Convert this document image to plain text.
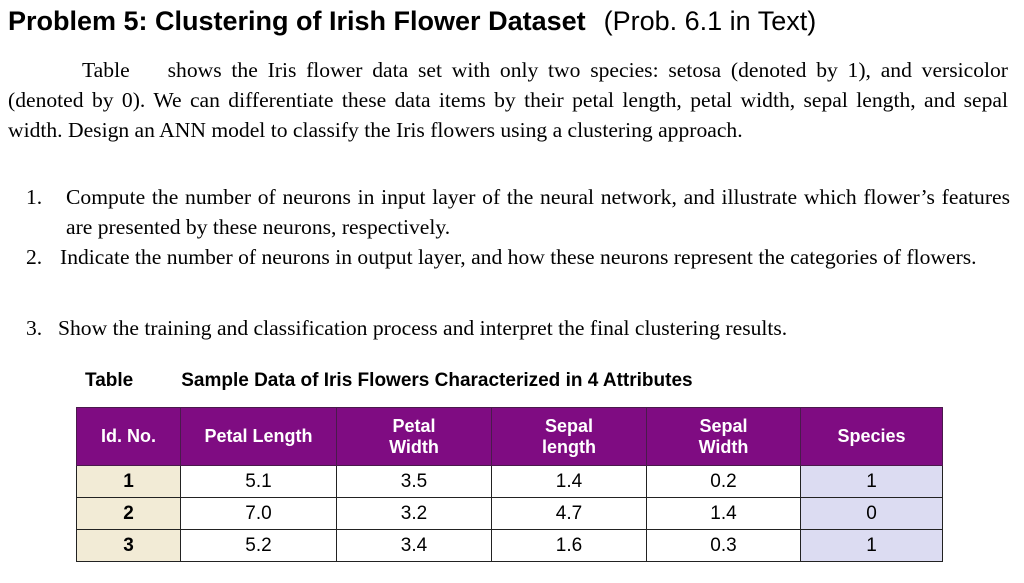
Problem 5: Clustering of Irish Flower Dataset (Prob. 6.1 in Text)
Table shows the Iris flower data set with only two species: setosa (denoted by 1), and versicolor (denoted by 0). We can differentiate these data items by their petal length, petal width, sepal length, and sepal width. Design an ANN model to classify the Iris flowers using a clustering approach.
1. Compute the number of neurons in input layer of the neural network, and illustrate which flower’s features are presented by these neurons, respectively.
2. Indicate the number of neurons in output layer, and how these neurons represent the categories of flowers.
3. Show the training and classification process and interpret the final clustering results.
Table	Sample Data of Iris Flowers Characterized in 4 Attributes
Id. No.	Petal Length	Petal Width	Sepal length	Sepal Width	Species
1	5.1	3.5	1.4	0.2	1
2	7.0	3.2	4.7	1.4	0
3	5.2	3.4	1.6	0.3	1
